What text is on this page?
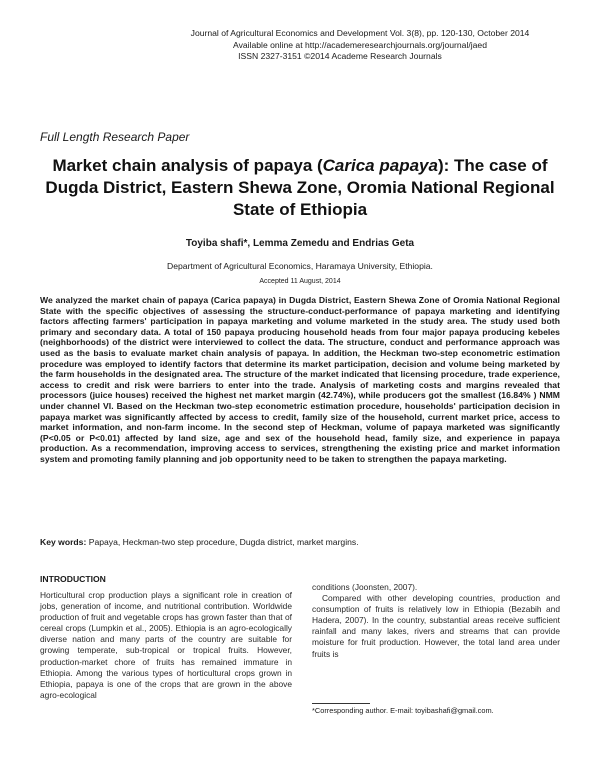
Journal of Agricultural Economics and Development Vol. 3(8), pp. 120-130, October 2014
Available online at http://academeresearchjournals.org/journal/jaed
ISSN 2327-3151 ©2014 Academe Research Journals
Full Length Research Paper
Market chain analysis of papaya (Carica papaya): The case of Dugda District, Eastern Shewa Zone, Oromia National Regional State of Ethiopia
Toyiba shafi*, Lemma Zemedu and Endrias Geta
Department of Agricultural Economics, Haramaya University, Ethiopia.
Accepted 11 August, 2014
We analyzed the market chain of papaya (Carica papaya) in Dugda District, Eastern Shewa Zone of Oromia National Regional State with the specific objectives of assessing the structure-conduct-performance of papaya marketing and identifying factors affecting farmers' participation in papaya marketing and volume marketed in the study area. The study used both primary and secondary data. A total of 150 papaya producing household heads from four major papaya producing kebeles (neighborhoods) of the district were interviewed to collect the data. The structure, conduct and performance approach was used as the basis to evaluate market chain analysis of papaya. In addition, the Heckman two-step econometric estimation procedure was employed to identify factors that determine its market participation, decision and volume being marketed by the farm households in the designated area. The structure of the market indicated that licensing procedure, trade experience, access to credit and risk were barriers to enter into the trade. Analysis of marketing costs and margins revealed that processors (juice houses) received the highest net market margin (42.74%), while producers got the smallest (16.84% ) NMM under channel VI. Based on the Heckman two-step econometric estimation procedure, households' participation decision in papaya market was significantly affected by access to credit, family size of the household, current market price, access to market information, and non-farm income. In the second step of Heckman, volume of papaya marketed was significantly (P<0.05 or P<0.01) affected by land size, age and sex of the household head, family size, and experience in papaya production. As a recommendation, improving access to services, strengthening the existing price and market information system and promoting family planning and job opportunity need to be taken to strengthen the papaya marketing.
Key words: Papaya, Heckman-two step procedure, Dugda district, market margins.
INTRODUCTION

Horticultural crop production plays a significant role in creation of jobs, generation of income, and nutritional contribution. Worldwide production of fruit and vegetable crops has grown faster than that of cereal crops (Lumpkin et al., 2005). Ethiopia is an agro-ecologically diverse nation and many parts of the country are suitable for growing temperate, sub-tropical or tropical fruits. However, production-market chore of fruits has remained immature in Ethiopia. Among the various types of horticultural crops grown in Ethiopia, papaya is one of the crops that are grown in the above agro-ecological

conditions (Joonsten, 2007).

Compared with other developing countries, production and consumption of fruits is relatively low in Ethiopia (Bezabih and Hadera, 2007). In the country, substantial areas receive sufficient rainfall and many lakes, rivers and streams that can provide moisture for fruit production. However, the total land area under fruits is

*Corresponding author. E-mail: toyibashafi@gmail.com.
